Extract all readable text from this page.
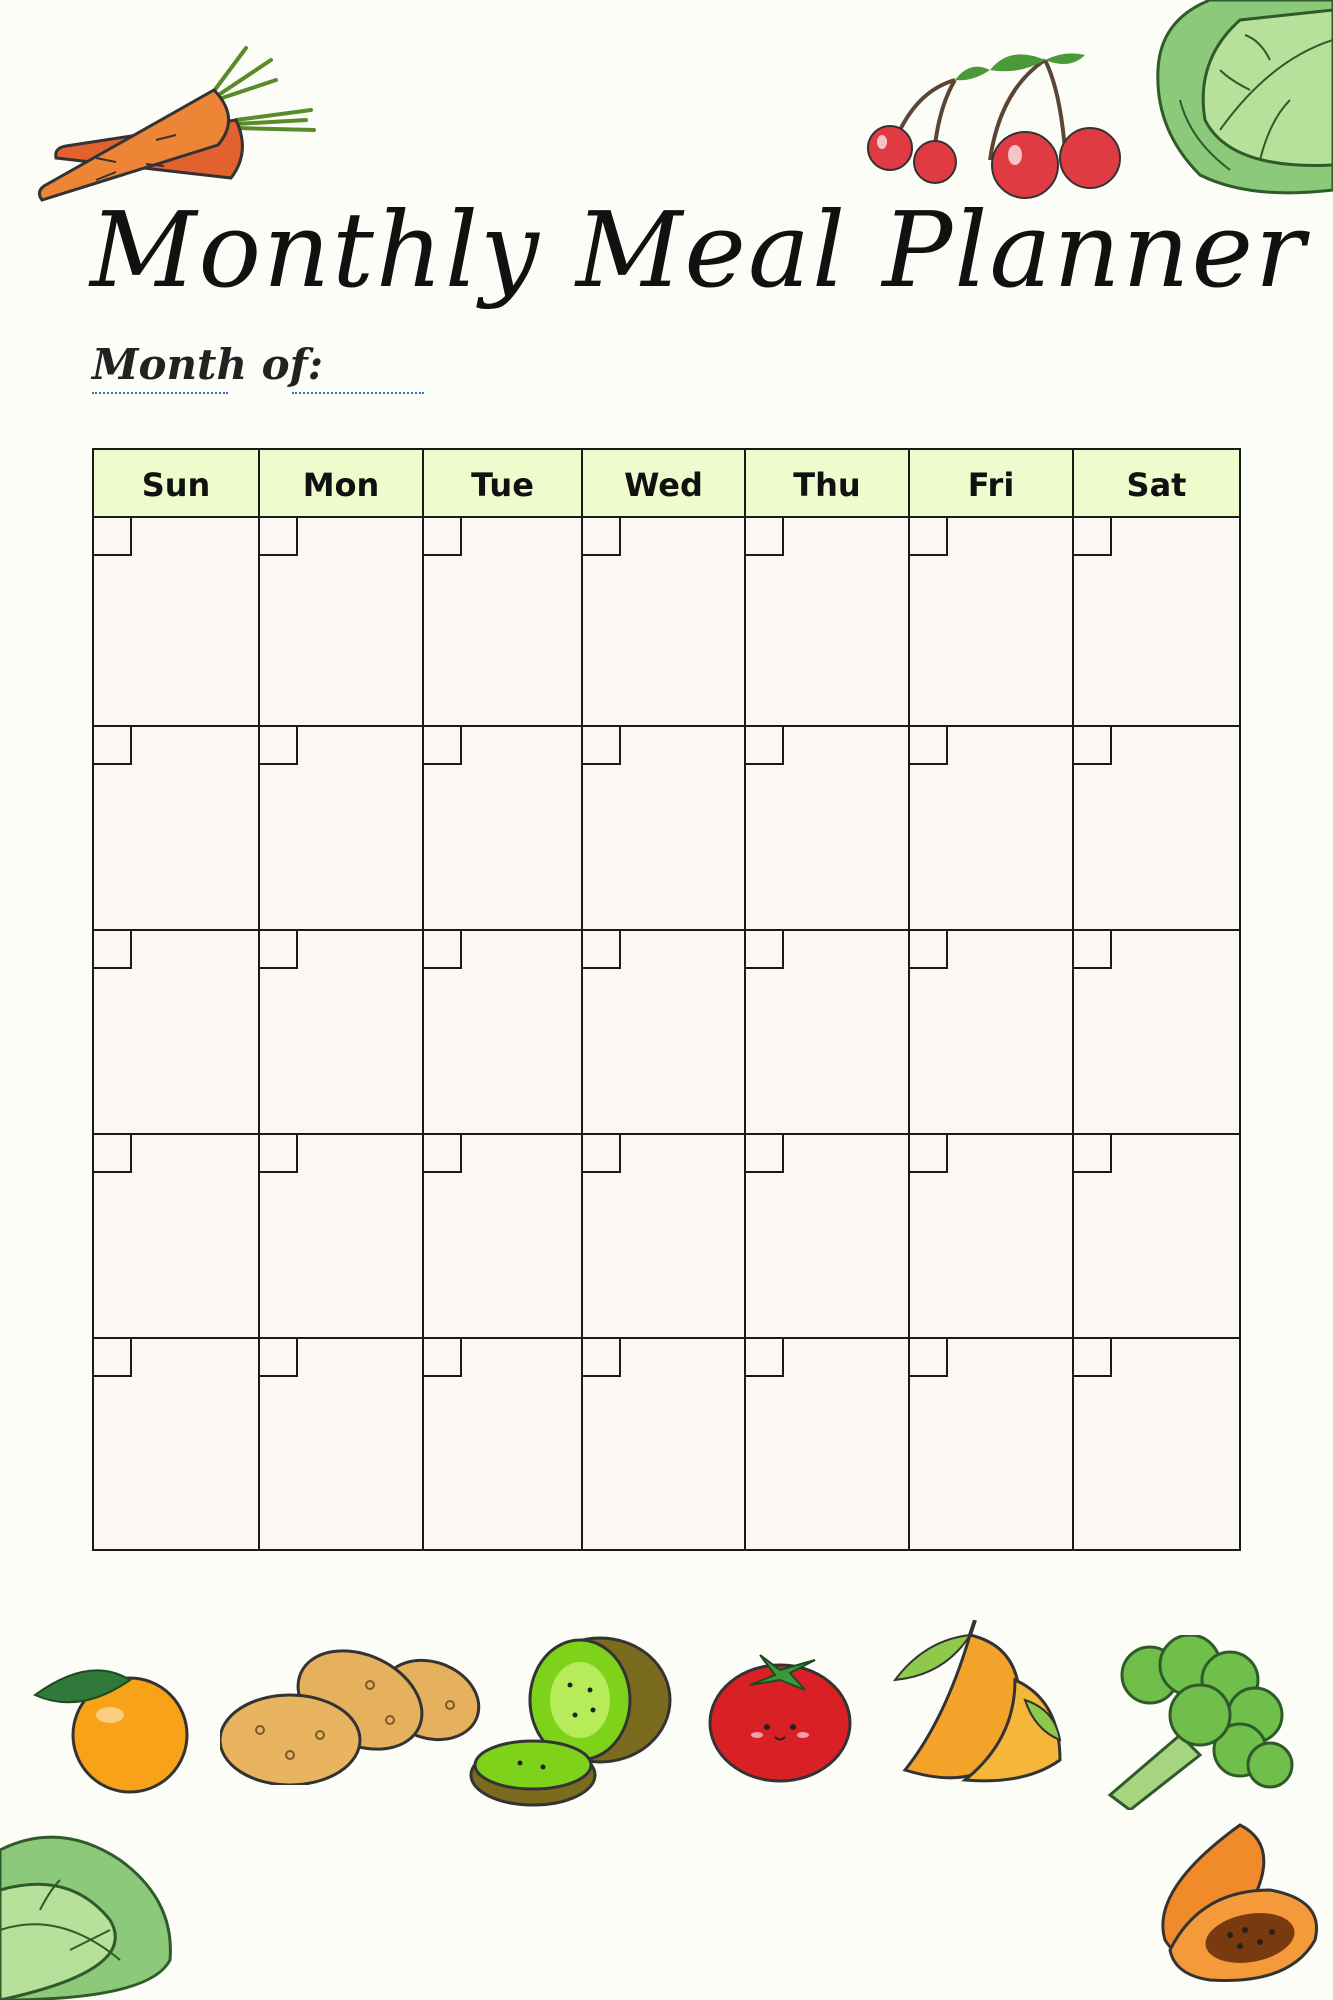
Monthly Meal Planner
Month of:
Sun	Mon	Tue	Wed	Thu	Fri	Sat
